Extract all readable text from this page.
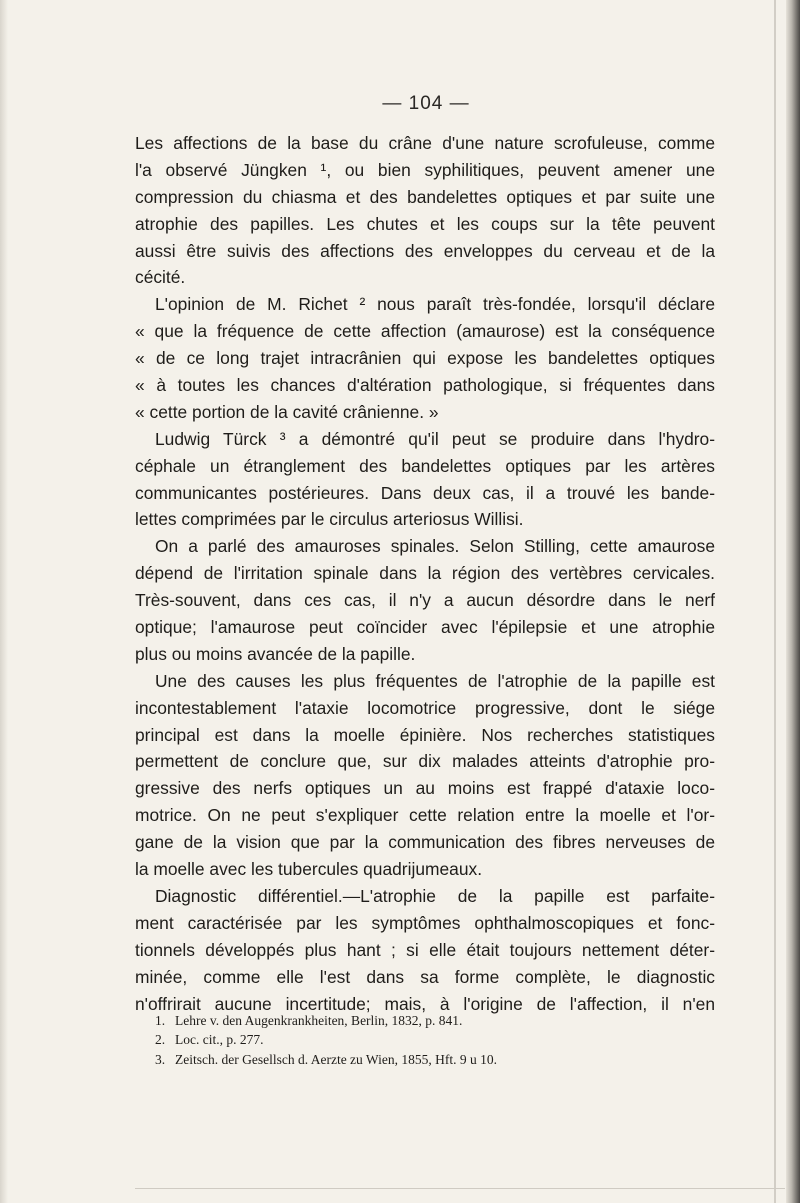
— 104 —
Les affections de la base du crâne d'une nature scrofuleuse, comme
l'a observé Jüngken ¹, ou bien syphilitiques, peuvent amener une
compression du chiasma et des bandelettes optiques et par suite une
atrophie des papilles. Les chutes et les coups sur la tête peuvent
aussi être suivis des affections des enveloppes du cerveau et de la
cécité.
L'opinion de M. Richet ² nous paraît très-fondée, lorsqu'il déclare
« que la fréquence de cette affection (amaurose) est la conséquence
« de ce long trajet intracrânien qui expose les bandelettes optiques
« à toutes les chances d'altération pathologique, si fréquentes dans
« cette portion de la cavité crânienne. »
Ludwig Türck ³ a démontré qu'il peut se produire dans l'hydro-
céphale un étranglement des bandelettes optiques par les artères
communicantes postérieures. Dans deux cas, il a trouvé les bande-
lettes comprimées par le circulus arteriosus Willisi.
On a parlé des amauroses spinales. Selon Stilling, cette amaurose
dépend de l'irritation spinale dans la région des vertèbres cervicales.
Très-souvent, dans ces cas, il n'y a aucun désordre dans le nerf
optique; l'amaurose peut coïncider avec l'épilepsie et une atrophie
plus ou moins avancée de la papille.
Une des causes les plus fréquentes de l'atrophie de la papille est
incontestablement l'ataxie locomotrice progressive, dont le siége
principal est dans la moelle épinière. Nos recherches statistiques
permettent de conclure que, sur dix malades atteints d'atrophie pro-
gressive des nerfs optiques un au moins est frappé d'ataxie loco-
motrice. On ne peut s'expliquer cette relation entre la moelle et l'or-
gane de la vision que par la communication des fibres nerveuses de
la moelle avec les tubercules quadrijumeaux.
Diagnostic différentiel.—L'atrophie de la papille est parfaite-
ment caractérisée par les symptômes ophthalmoscopiques et fonc-
tionnels développés plus hant ; si elle était toujours nettement déter-
minée, comme elle l'est dans sa forme complète, le diagnostic
n'offrirait aucune incertitude; mais, à l'origine de l'affection, il n'en
1. Lehre v. den Augenkrankheiten, Berlin, 1832, p. 841.
2. Loc. cit., p. 277.
3. Zeitsch. der Gesellsch d. Aerzte zu Wien, 1855, Hft. 9 u 10.
